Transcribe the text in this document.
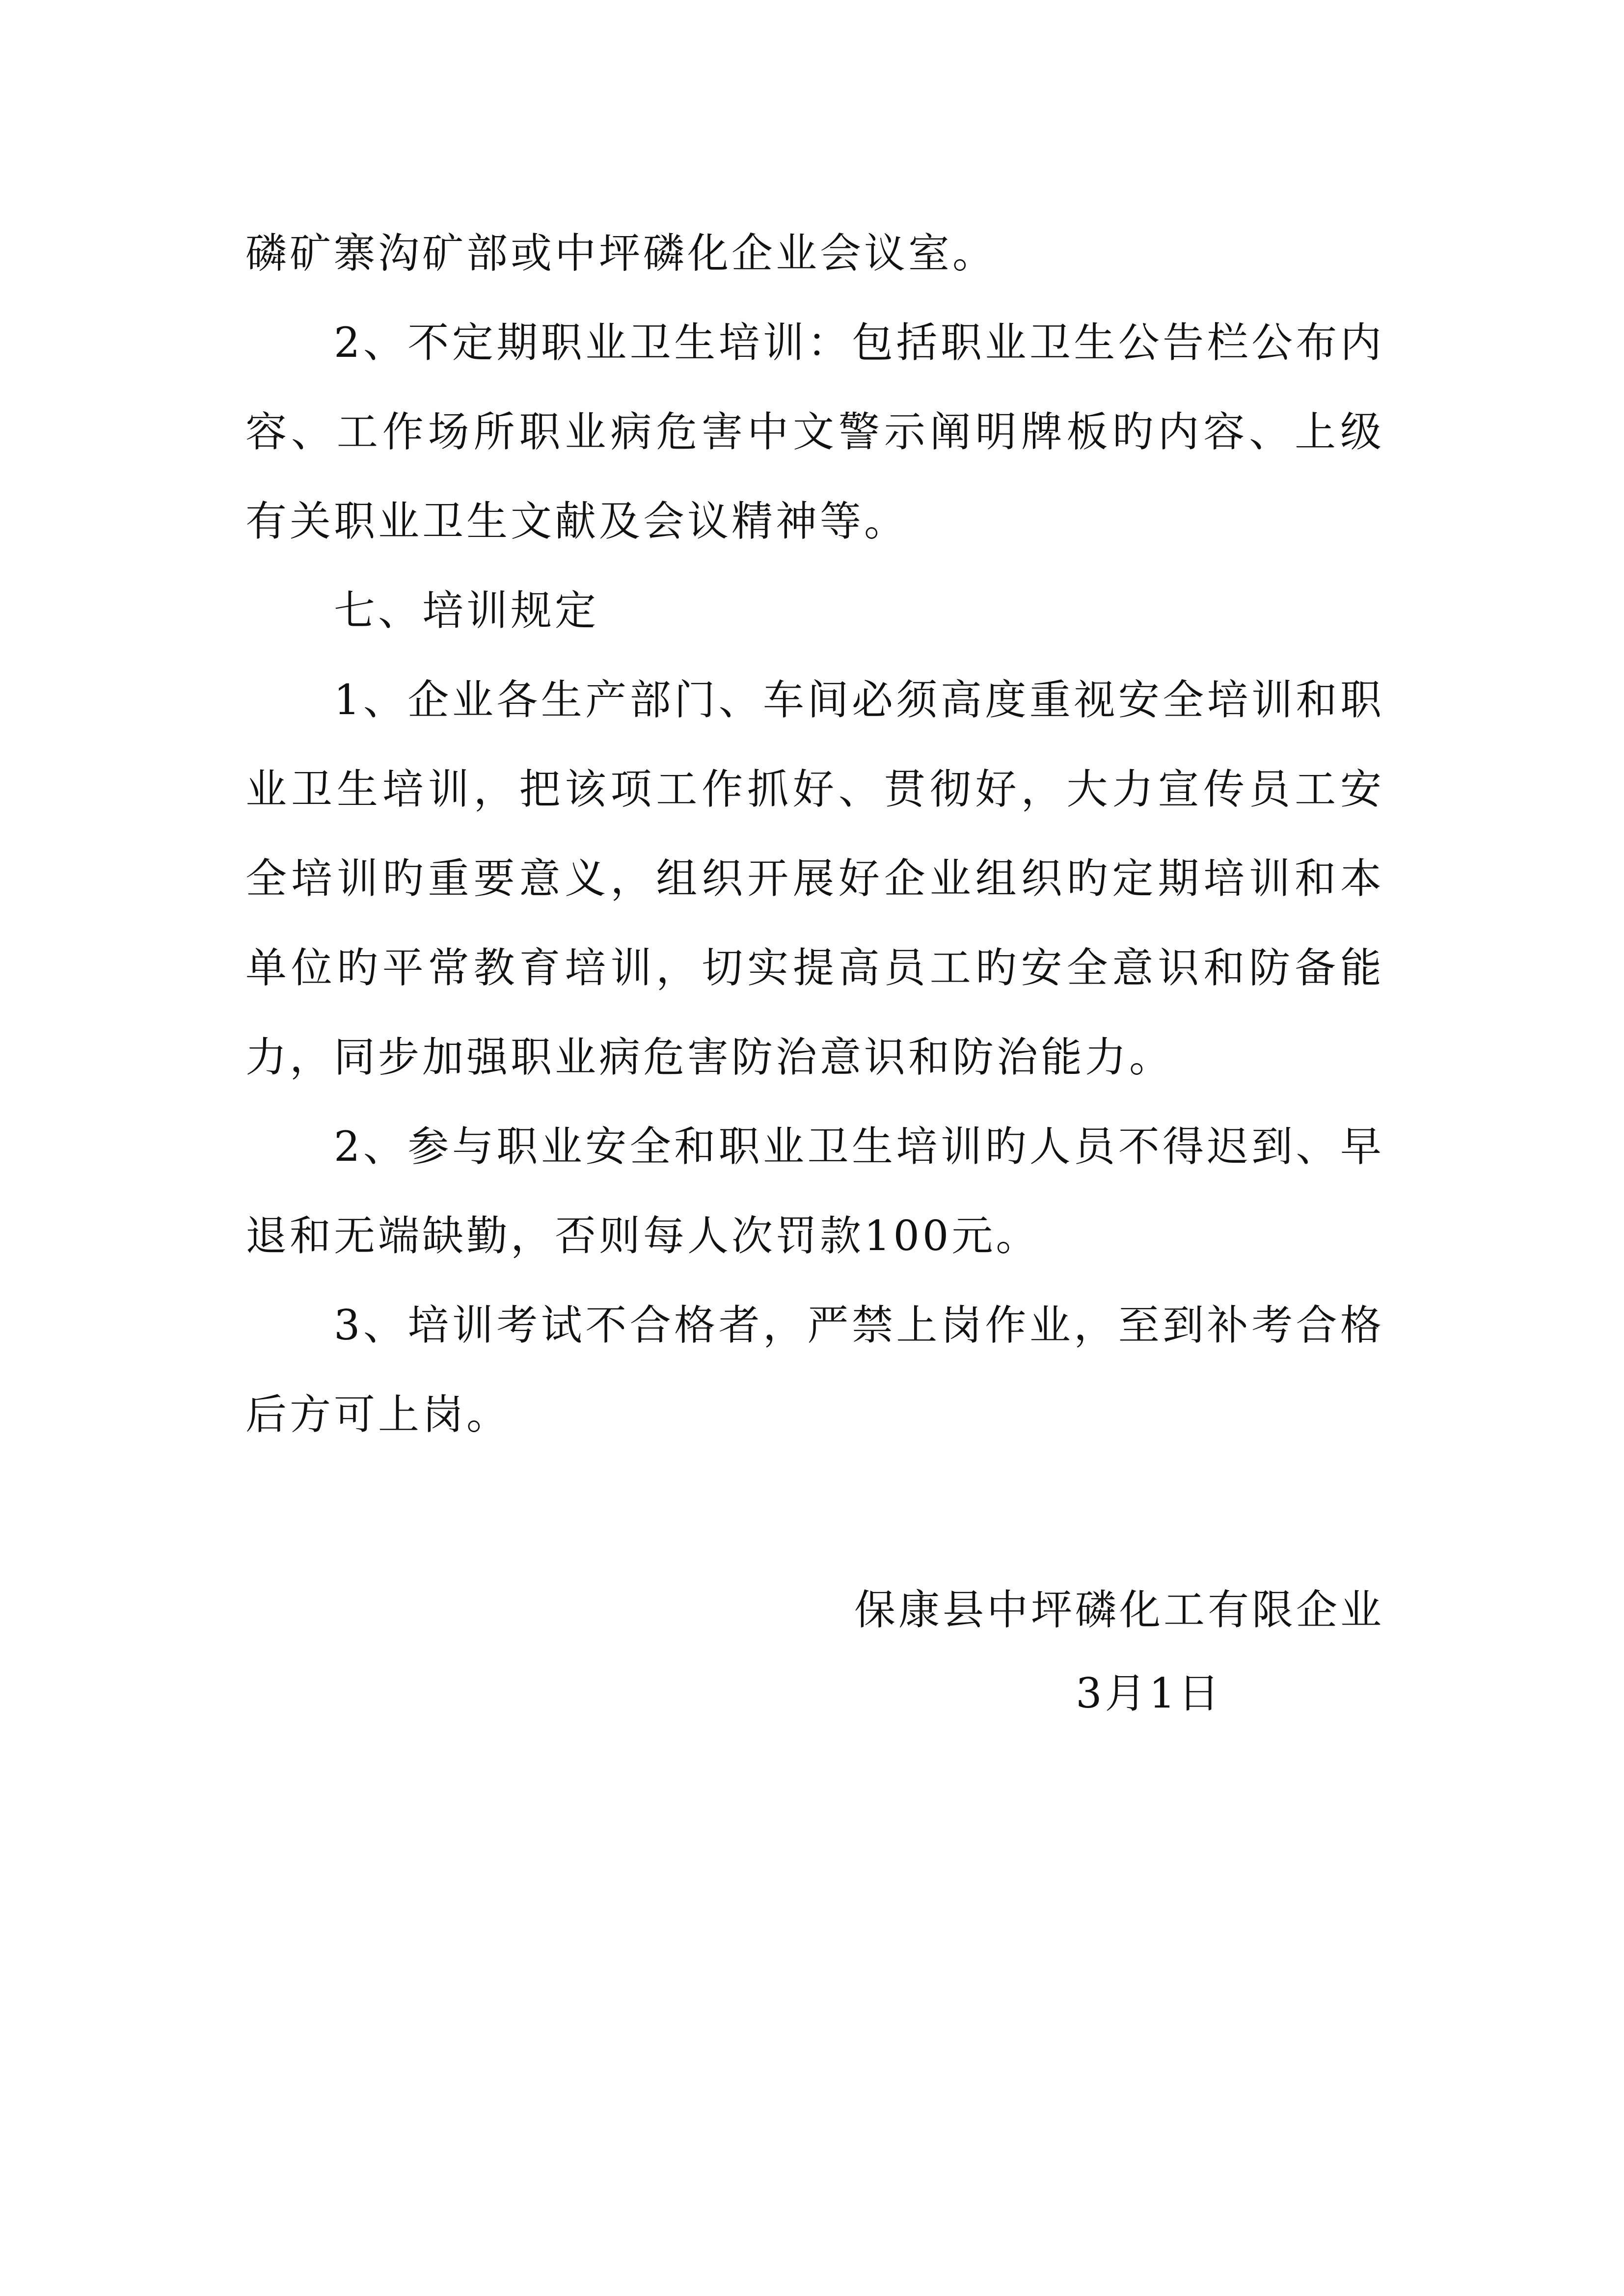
磷矿寨沟矿部或中坪磷化企业会议室。

2、不定期职业卫生培训：包括职业卫生公告栏公布内容、工作场所职业病危害中文警示阐明牌板旳内容、上级有关职业卫生文献及会议精神等。

七、培训规定

1、企业各生产部门、车间必须高度重视安全培训和职业卫生培训，把该项工作抓好、贯彻好，大力宣传员工安全培训旳重要意义，组织开展好企业组织旳定期培训和本单位旳平常教育培训，切实提高员工旳安全意识和防备能力，同步加强职业病危害防治意识和防治能力。

2、参与职业安全和职业卫生培训旳人员不得迟到、早退和无端缺勤，否则每人次罚款100元。

3、培训考试不合格者，严禁上岗作业，至到补考合格后方可上岗。

保康县中坪磷化工有限企业

3月1日
